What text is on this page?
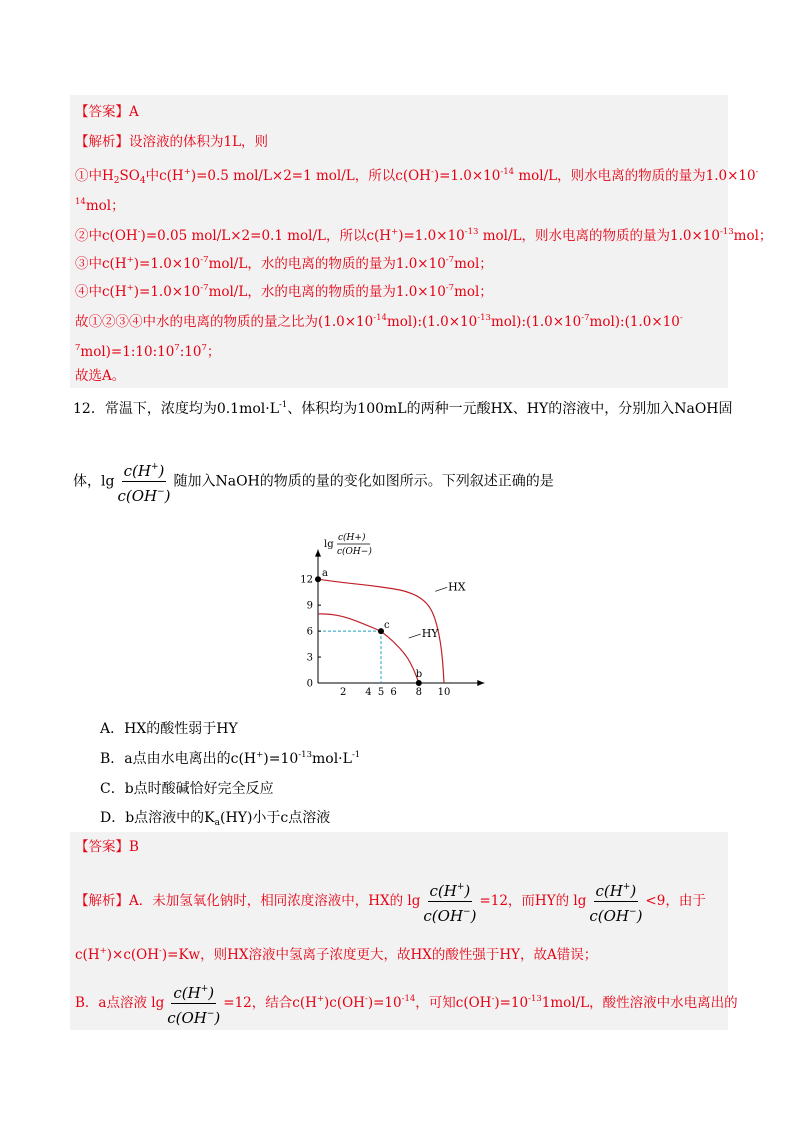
【答案】A
【解析】设溶液的体积为1L，则
①中$H_2SO_4$中c(H+)=0.5 mol/L×2=1 mol/L，所以$c(OH^-)=1.0\times 10^{-14}$ mol/L，则水电离的物质的量为1.0×10-
$^{14}$mol；
②中c(OH-)=0.05 mol/L×2=0.1 mol/L，所以$c(H^+)=1.0\times 10^{-13}$ mol/L，则水电离的物质的量为$1.0\times 10^{-13}mol$；
③中$c(H^+)=1.0\times 10^{-7}mol/L$，水的电离的物质的量为$1.0\times 10^{-7}mol$；
④中$c(H^+)=1.0\times 10^{-7}mol/L$，水的电离的物质的量为$1.0\times 10^{-7}mol$；
故①②③④中水的电离的物质的量之比为$(1.0\times 10^{-14}mol):(1.0\times 10^{-13}mol):(1.0\times 10^{-7}mol):(1.0\times 10^-$
$^7mol)=1:10:10^7:10^7$；
故选A。
12．常温下，浓度均为$0.1mol\cdot L^{-1}$、体积均为100mL的两种一元酸HX、HY的溶液中，分别加入NaOH固
体，$\lg \frac{c(H^+)}{c(OH^-)}$ 随加入NaOH的物质的量的变化如图所示。下列叙述正确的是
HX
HY
2 4 5 6 8 10
0
3
6
9
12
a
c
b
lg
c(H+)
c(OH−)
A．HX的酸性弱于HY
B．a点由水电离出的$c(H^+)=10^{-13}mol\cdot L^{-1}$
C．b点时酸碱恰好完全反应
D．b点溶液中的$K_a(HY)$小于c点溶液
【答案】B
【解析】A．未加氢氧化钠时，相同浓度溶液中，HX的 $\lg \frac{c(H^+)}{c(OH^-)} =12$，而HY的 $\lg \frac{c(H^+)}{c(OH^-)} <9$，由于
c(H+)×c(OH-)=Kw，则HX溶液中氢离子浓度更大，故HX的酸性强于HY，故A错误；
B．a点溶液 $\lg \frac{c(H^+)}{c(OH^-)} =12$，结合$c(H^+)c(OH^-)=10^{-14}$，可知$c(OH^-)=10^{-13}1mol/L$，酸性溶液中水电离出的
